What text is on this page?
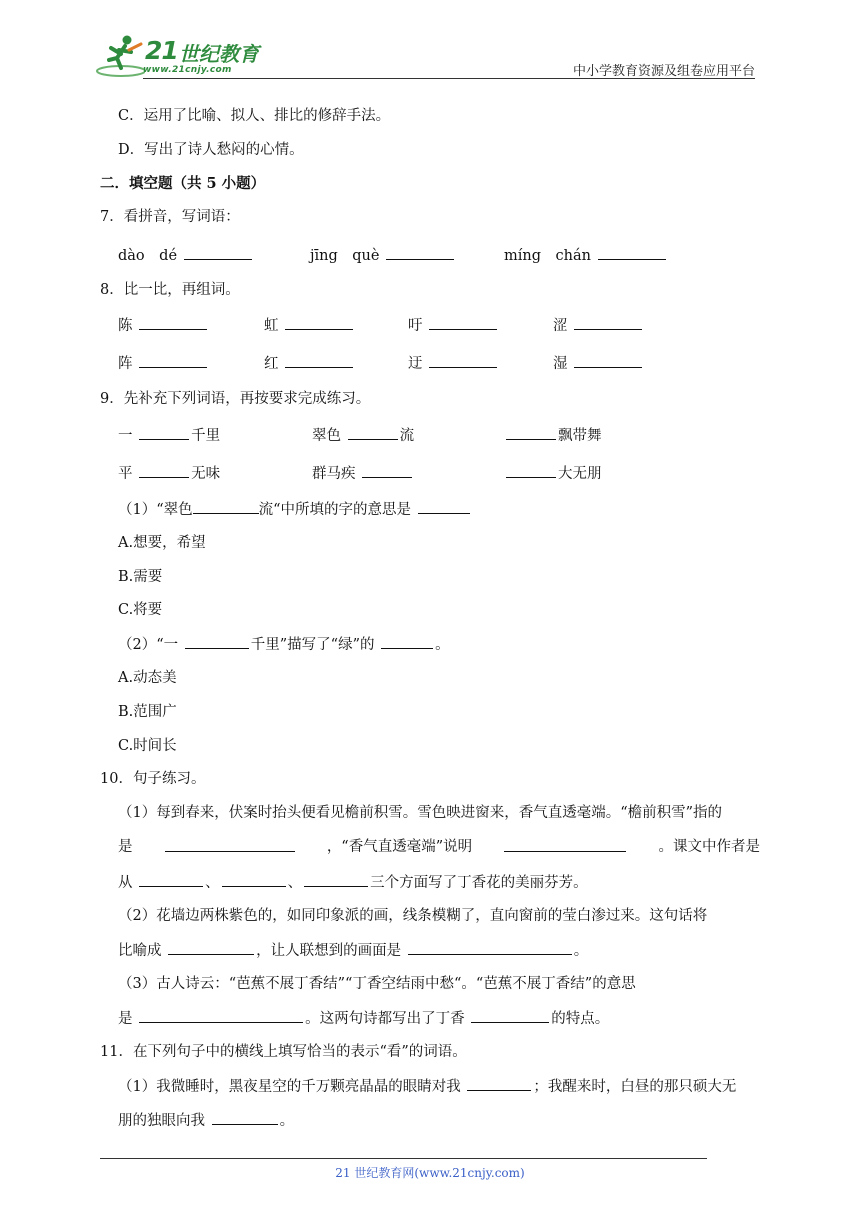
21 世纪教育
www.21cnjy.com	中小学教育资源及组卷应用平台
C．运用了比喻、拟人、排比的修辞手法。
D．写出了诗人愁闷的心情。
二．填空题（共 5 小题）
7．看拼音，写词语：
dào　dé	jīng　què	míng　chán
8．比一比，再组词。
陈	虹	吁	涩
阵	红	迂	湿
9．先补充下列词语，再按要求完成练习。
一	千里	翠色	流	飘带舞
平	无味	群马疾	大无朋
（1）“翠色	流“中所填的字的意思是
A.想要，希望
B.需要
C.将要
（2）“一	千里”描写了“绿”的	。
A.动态美
B.范围广
C.时间长
10．句子练习。
（1）每到春来，伏案时抬头便看见檐前积雪。雪色映进窗来，香气直透毫端。“檐前积雪”指的
是	，“香气直透毫端”说明	。课文中作者是
从	、	、	三个方面写了丁香花的美丽芬芳。
（2）花墙边两株紫色的，如同印象派的画，线条模糊了，直向窗前的莹白渗过来。这句话将
比喻成	，让人联想到的画面是	。
（3）古人诗云：“芭蕉不展丁香结”“丁香空结雨中愁“。“芭蕉不展丁香结”的意思
是	。这两句诗都写出了丁香	的特点。
11．在下列句子中的横线上填写恰当的表示“看”的词语。
（1）我微睡时，黑夜星空的千万颗亮晶晶的眼睛对我	；我醒来时，白昼的那只硕大无
朋的独眼向我	。
21 世纪教育网(www.21cnjy.com)
